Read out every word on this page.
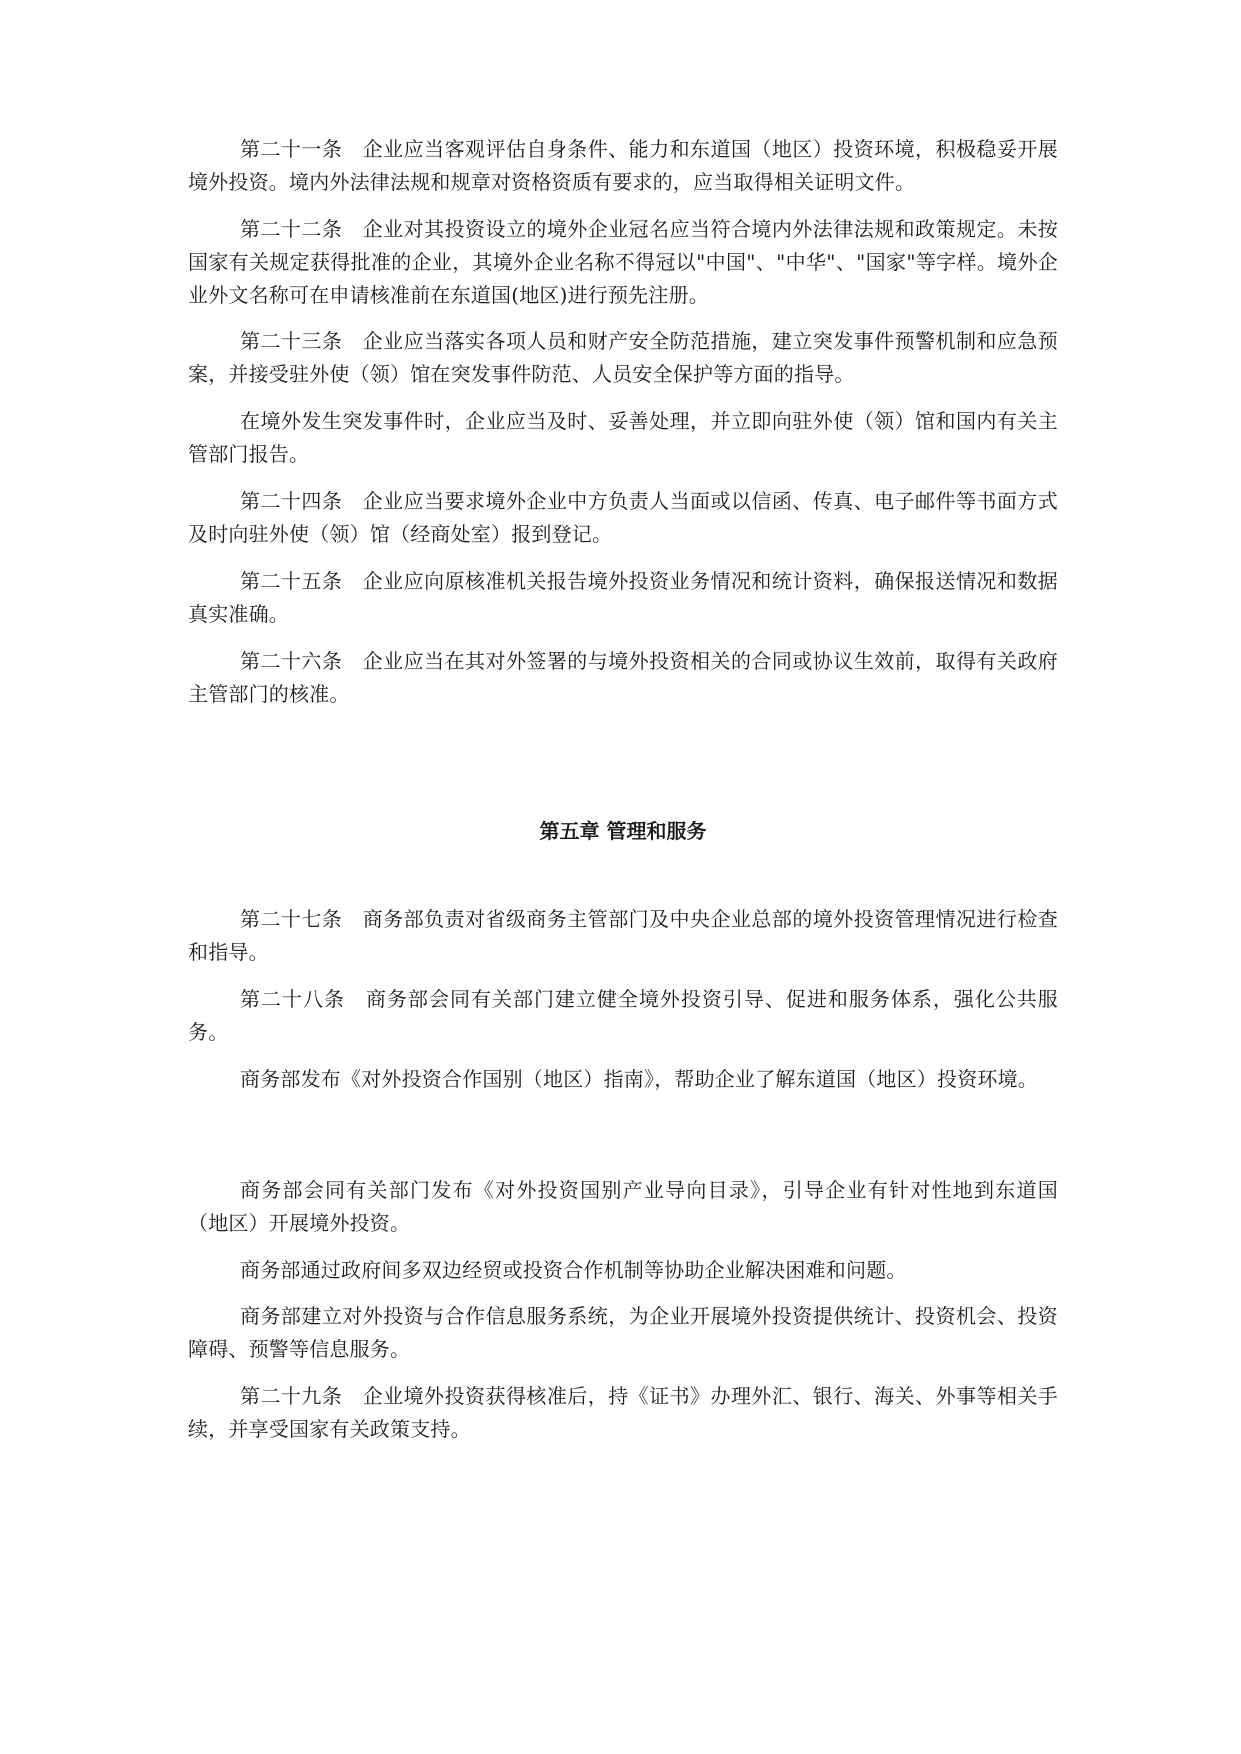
第二十一条　 企业应当客观评估自身条件、能力和东道国（地区）投资环境，积极稳妥开展境外投资。境内外法律法规和规章对资格资质有要求的，应当取得相关证明文件。

第二十二条　 企业对其投资设立的境外企业冠名应当符合境内外法律法规和政策规定。未按国家有关规定获得批准的企业，其境外企业名称不得冠以"中国"、"中华"、"国家"等字样。境外企业外文名称可在申请核准前在东道国(地区)进行预先注册。

第二十三条　 企业应当落实各项人员和财产安全防范措施，建立突发事件预警机制和应急预案，并接受驻外使（领）馆在突发事件防范、人员安全保护等方面的指导。

在境外发生突发事件时，企业应当及时、妥善处理，并立即向驻外使（领）馆和国内有关主管部门报告。

第二十四条　 企业应当要求境外企业中方负责人当面或以信函、传真、电子邮件等书面方式及时向驻外使（领）馆（经商处室）报到登记。

第二十五条　 企业应向原核准机关报告境外投资业务情况和统计资料，确保报送情况和数据真实准确。

第二十六条　 企业应当在其对外签署的与境外投资相关的合同或协议生效前，取得有关政府主管部门的核准。

第五章 管理和服务

第二十七条　 商务部负责对省级商务主管部门及中央企业总部的境外投资管理情况进行检查和指导。

第二十八条　 商务部会同有关部门建立健全境外投资引导、促进和服务体系，强化公共服务。

商务部发布《对外投资合作国别（地区）指南》，帮助企业了解东道国（地区）投资环境。

商务部会同有关部门发布《对外投资国别产业导向目录》，引导企业有针对性地到东道国（地区）开展境外投资。

商务部通过政府间多双边经贸或投资合作机制等协助企业解决困难和问题。

商务部建立对外投资与合作信息服务系统，为企业开展境外投资提供统计、投资机会、投资障碍、预警等信息服务。

第二十九条　 企业境外投资获得核准后，持《证书》办理外汇、银行、海关、外事等相关手续，并享受国家有关政策支持。
